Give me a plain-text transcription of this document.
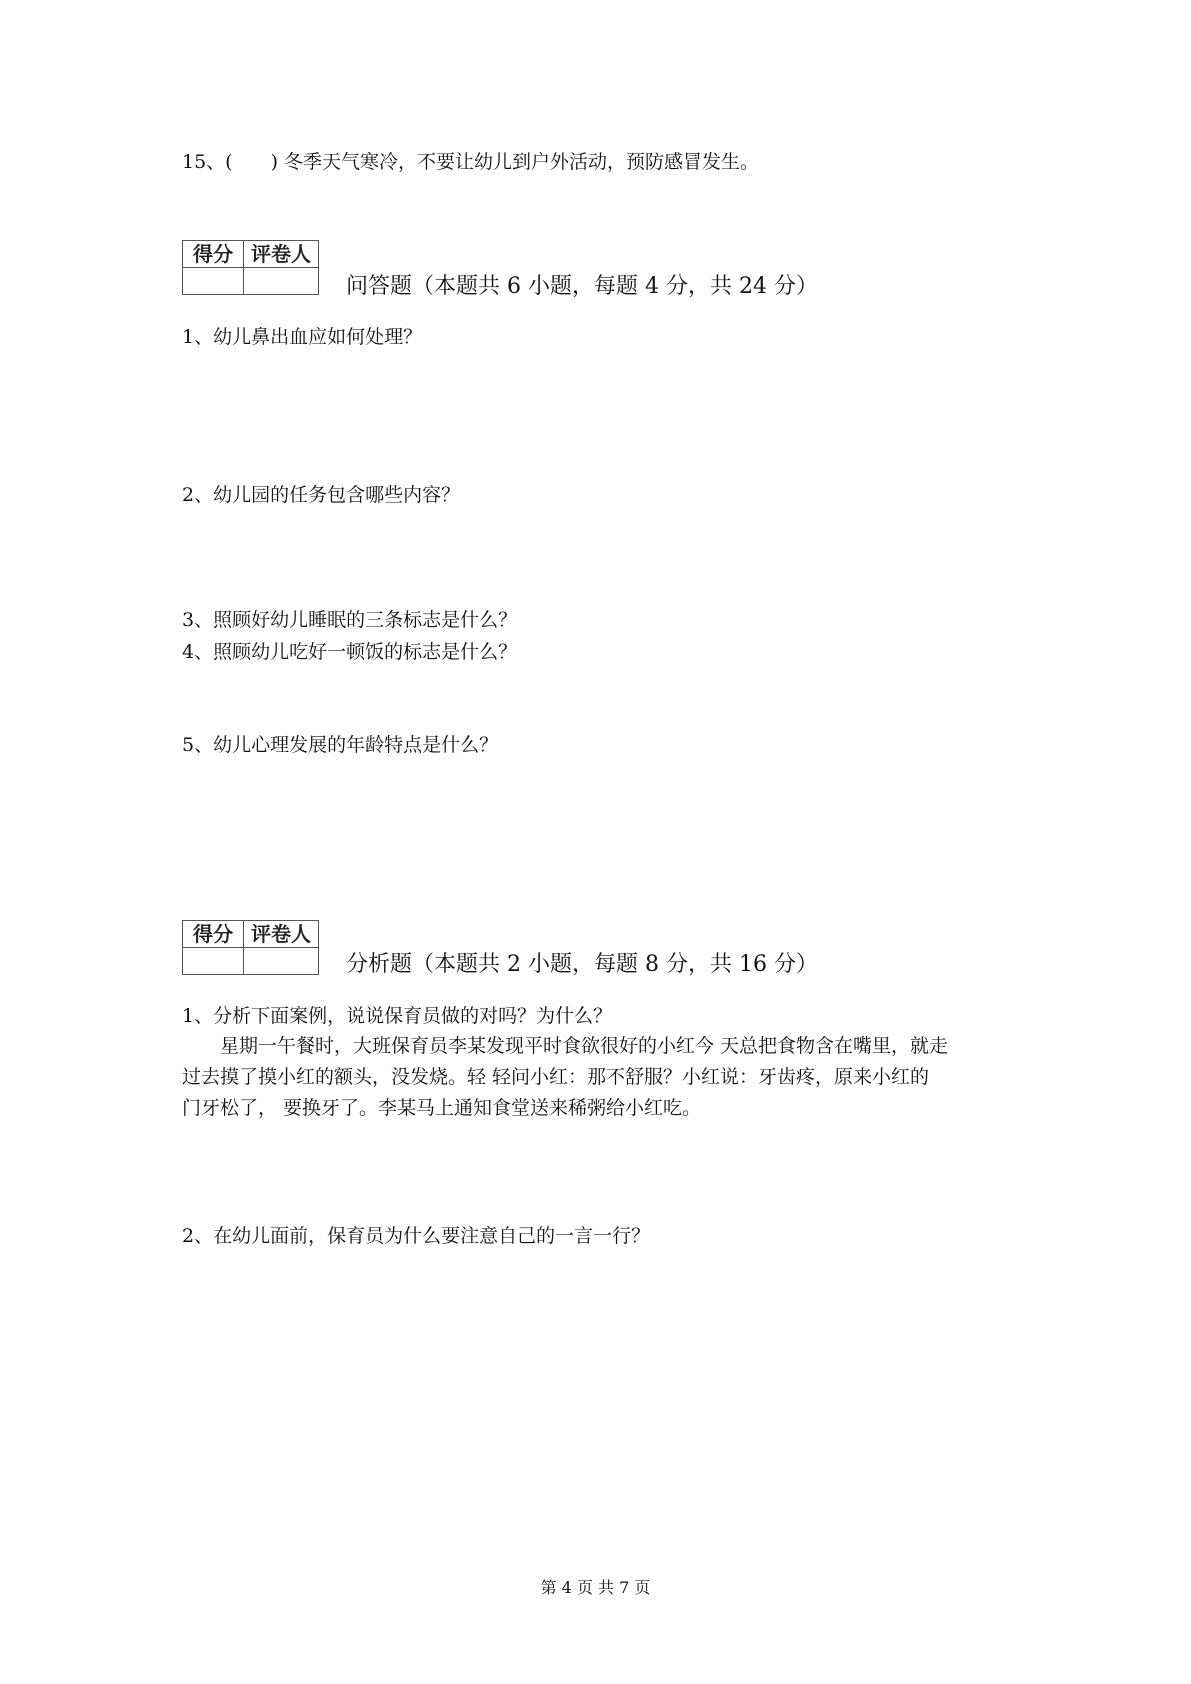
15、(　　) 冬季天气寒冷，不要让幼儿到户外活动，预防感冒发生。
得分 评卷人
问答题（本题共 6 小题，每题 4 分，共 24 分）
1、幼儿鼻出血应如何处理？
2、幼儿园的任务包含哪些内容？
3、照顾好幼儿睡眠的三条标志是什么？
4、照顾幼儿吃好一顿饭的标志是什么？
5、幼儿心理发展的年龄特点是什么？
得分 评卷人
分析题（本题共 2 小题，每题 8 分，共 16 分）
1、分析下面案例，说说保育员做的对吗？为什么？
　　星期一午餐时，大班保育员李某发现平时食欲很好的小红今 天总把食物含在嘴里，就走
过去摸了摸小红的额头，没发烧。轻 轻问小红：那不舒服？小红说：牙齿疼，原来小红的
门牙松了， 要换牙了。李某马上通知食堂送来稀粥给小红吃。
2、在幼儿面前，保育员为什么要注意自己的一言一行？
第 4 页 共 7 页
